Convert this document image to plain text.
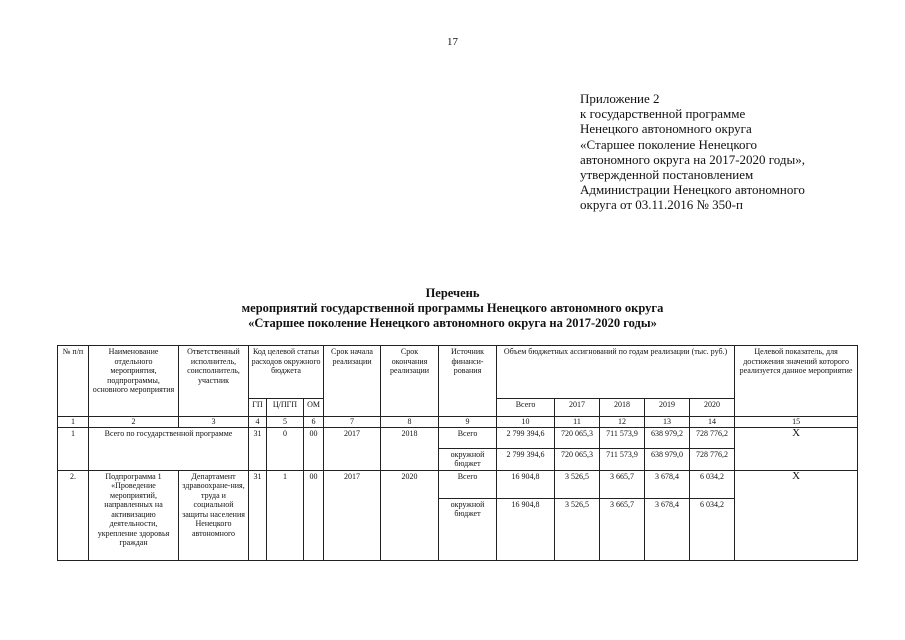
17
Приложение 2
к государственной программе
Ненецкого автономного округа
«Старшее поколение Ненецкого
автономного округа на 2017-2020 годы»,
утвержденной постановлением
Администрации Ненецкого автономного
округа от 03.11.2016 № 350-п
Перечень
мероприятий государственной программы Ненецкого автономного округа
«Старшее поколение Ненецкого автономного округа на 2017-2020 годы»
№ п/п	Наименование отдельного мероприятия, подпрограммы, основного мероприятия	Ответственный исполнитель, соисполнитель, участник	Код целевой статьи расходов окружного бюджета			Срок начала реализации	Срок окончания реализации	Источник финанси-рования	Объем бюджетных ассигнований по годам реализации (тыс. руб.)					Целевой показатель, для достижения значений которого реализуется данное мероприятие
			ГП	Ц/ПГП	ОМ				Всего	2017	2018	2019	2020	
1	2	3	4	5	6	7	8	9	10	11	12	13	14	15
1	Всего по государственной программе		31	0	00	2017	2018	Всего	2 799 394,6	720 065,3	711 573,9	638 979,2	728 776,2	Х
								окружной бюджет	2 799 394,6	720 065,3	711 573,9	638 979,0	728 776,2	
2.	Подпрограмма 1 «Проведение мероприятий, направленных на активизацию деятельности, укрепление здоровья граждан	Департамент здравоохране-ния, труда и социальной защиты населения Ненецкого автономного	31	1	00	2017	2020	Всего	16 904,8	3 526,5	3 665,7	3 678,4	6 034,2	Х
								окружной бюджет	16 904,8	3 526,5	3 665,7	3 678,4	6 034,2	
